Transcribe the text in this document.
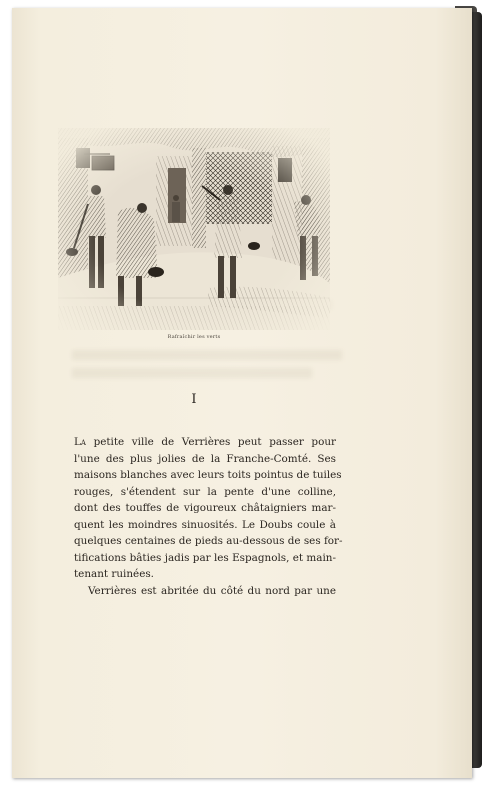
Rafraîchir les verts
I
La petite ville de Verrières peut passer pour
l'une des plus jolies de la Franche-Comté. Ses
maisons blanches avec leurs toits pointus de tuiles
rouges, s'étendent sur la pente d'une colline,
dont des touffes de vigoureux châtaigniers mar-
quent les moindres sinuosités. Le Doubs coule à
quelques centaines de pieds au-dessous de ses for-
tifications bâties jadis par les Espagnols, et main-
tenant ruinées.
Verrières est abritée du côté du nord par une
